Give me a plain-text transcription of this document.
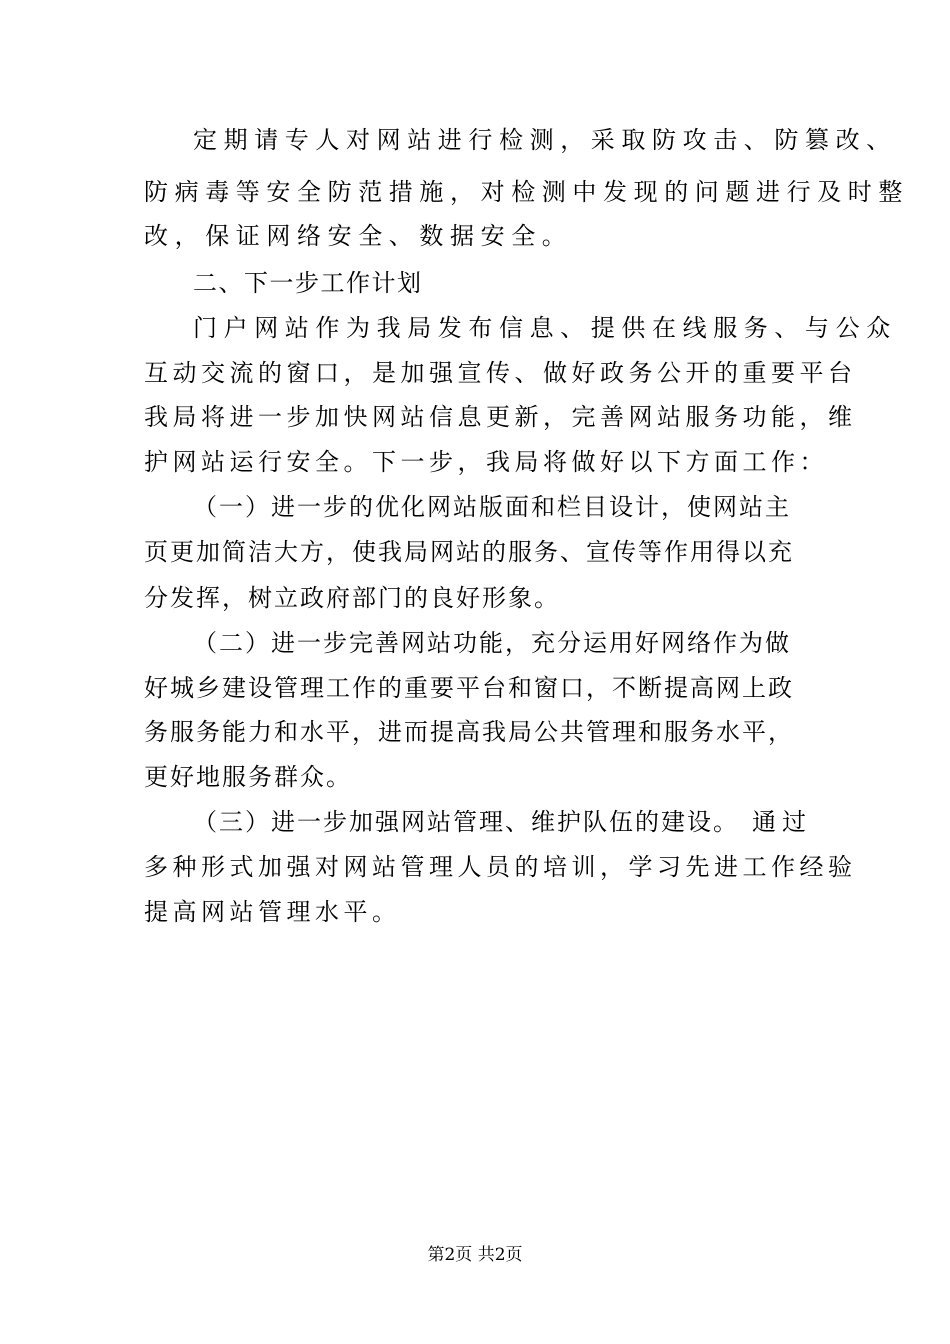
定期请专人对网站进行检测，采取防攻击、防篡改、
防病毒等安全防范措施，对检测中发现的问题进行及时整
改，保证网络安全、数据安全。
二、下一步工作计划
门户网站作为我局发布信息、提供在线服务、与公众
互动交流的窗口，是加强宣传、做好政务公开的重要平台
我局将进一步加快网站信息更新，完善网站服务功能，维
护网站运行安全。下一步，我局将做好以下方面工作：
（一）进一步的优化网站版面和栏目设计，使网站主
页更加简洁大方，使我局网站的服务、宣传等作用得以充
分发挥，树立政府部门的良好形象。
（二）进一步完善网站功能，充分运用好网络作为做
好城乡建设管理工作的重要平台和窗口，不断提高网上政
务服务能力和水平，进而提高我局公共管理和服务水平，
更好地服务群众。
（三）进一步加强网站管理、维护队伍的建设。 通过
多种形式加强对网站管理人员的培训，学习先进工作经验
提高网站管理水平。
第2页 共2页
